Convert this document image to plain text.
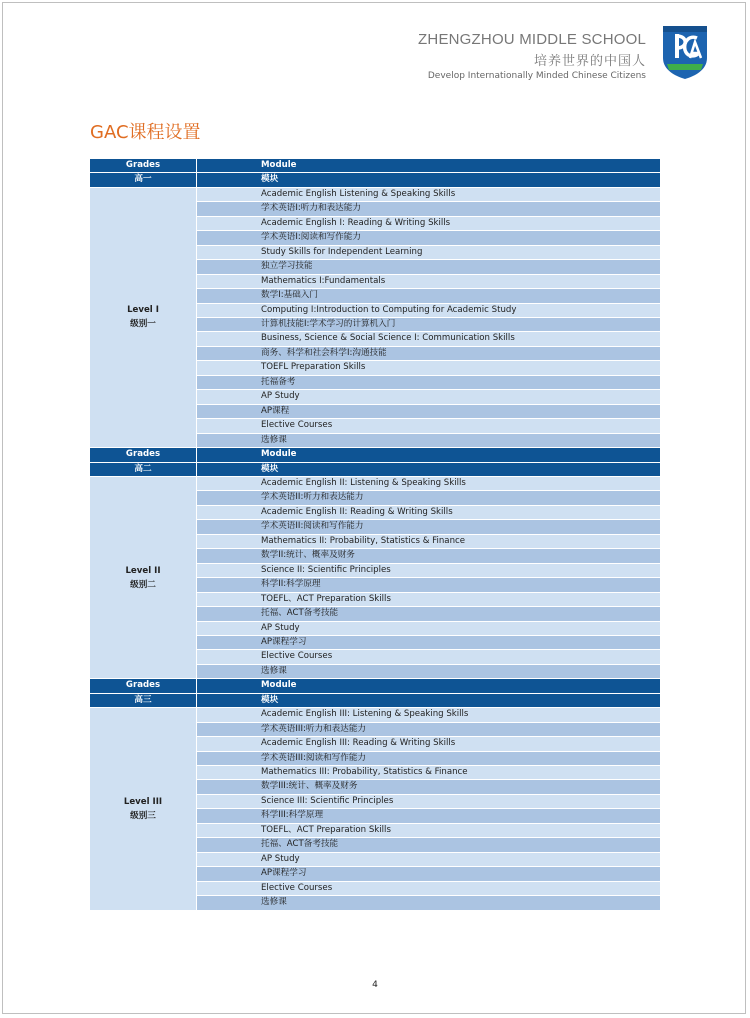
ZHENGZHOU MIDDLE SCHOOL
培养世界的中国人
Develop Internationally Minded Chinese Citizens
GAC课程设置
Grades	Module
高一	模块

Level I
级别一	Academic English Listening & Speaking Skills
	学术英语I:听力和表达能力
	Academic English I: Reading & Writing Skills
	学术英语I:阅读和写作能力
	Study Skills for Independent Learning
	独立学习技能
	Mathematics I:Fundamentals
	数学I:基础入门
	Computing I:Introduction to Computing for Academic Study
	计算机技能I:学术学习的计算机入门
	Business, Science & Social Science I: Communication Skills
	商务、科学和社会科学I:沟通技能
	TOEFL Preparation Skills
	托福备考
	AP Study
	AP课程
	Elective Courses
	选修课
Grades	Module
高二	模块

Level II
级别二	Academic English II: Listening & Speaking Skills
	学术英语II:听力和表达能力
	Academic English II: Reading & Writing Skills
	学术英语II:阅读和写作能力
	Mathematics II: Probability, Statistics & Finance
	数学II:统计、概率及财务
	Science II: Scientific Principles
	科学II:科学原理
	TOEFL、ACT Preparation Skills
	托福、ACT备考技能
	AP Study
	AP课程学习
	Elective Courses
	选修课
Grades	Module
高三	模块

Level III
级别三	Academic English III: Listening & Speaking Skills
	学术英语III:听力和表达能力
	Academic English III: Reading & Writing Skills
	学术英语III:阅读和写作能力
	Mathematics III: Probability, Statistics & Finance
	数学III:统计、概率及财务
	Science III: Scientific Principles
	科学III:科学原理
	TOEFL、ACT Preparation Skills
	托福、ACT备考技能
	AP Study
	AP课程学习
	Elective Courses
	选修课
4
